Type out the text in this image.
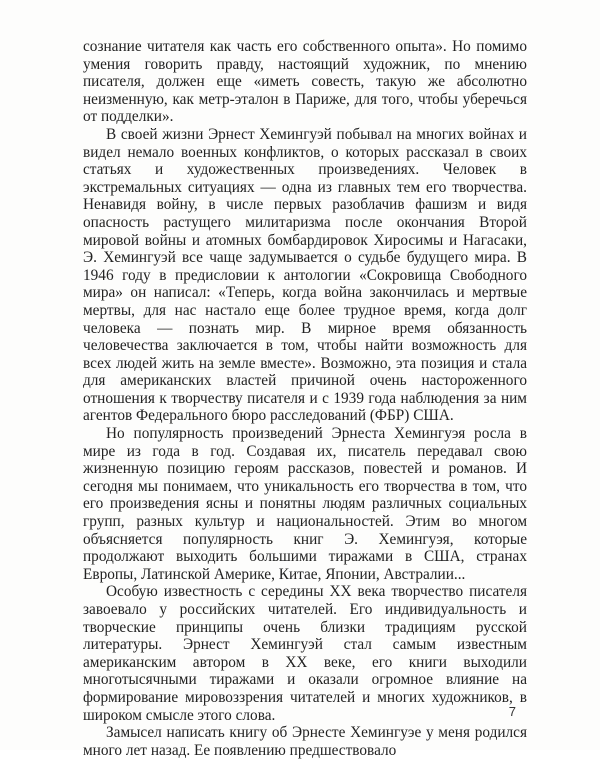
сознание читателя как часть его собственного опыта». Но помимо умения говорить правду, настоящий художник, по мнению писателя, должен еще «иметь совесть, такую же абсолютно неизменную, как метр-эталон в Париже, для того, чтобы уберечься от подделки».

В своей жизни Эрнест Хемингуэй побывал на многих войнах и видел немало военных конфликтов, о которых рассказал в своих статьях и художественных произведениях. Человек в экстремальных ситуациях — одна из главных тем его творчества. Ненавидя войну, в числе первых разоблачив фашизм и видя опасность растущего милитаризма после окончания Второй мировой войны и атомных бомбардировок Хиросимы и Нагасаки, Э. Хемингуэй все чаще задумывается о судьбе будущего мира. В 1946 году в предисловии к антологии «Сокровища Свободного мира» он написал: «Теперь, когда война закончилась и мертвые мертвы, для нас настало еще более трудное время, когда долг человека — познать мир. В мирное время обязанность человечества заключается в том, чтобы найти возможность для всех людей жить на земле вместе». Возможно, эта позиция и стала для американских властей причиной очень настороженного отношения к творчеству писателя и с 1939 года наблюдения за ним агентов Федерального бюро расследований (ФБР) США.

Но популярность произведений Эрнеста Хемингуэя росла в мире из года в год. Создавая их, писатель передавал свою жизненную позицию героям рассказов, повестей и романов. И сегодня мы понимаем, что уникальность его творчества в том, что его произведения ясны и понятны людям различных социальных групп, разных культур и национальностей. Этим во многом объясняется популярность книг Э. Хемингуэя, которые продолжают выходить большими тиражами в США, странах Европы, Латинской Америке, Китае, Японии, Австралии...

Особую известность с середины XX века творчество писателя завоевало у российских читателей. Его индивидуальность и творческие принципы очень близки традициям русской литературы. Эрнест Хемингуэй стал самым известным американским автором в XX веке, его книги выходили многотысячными тиражами и оказали огромное влияние на формирование мировоззрения читателей и многих художников, в широком смысле этого слова.

Замысел написать книгу об Эрнесте Хемингуэе у меня родился много лет назад. Ее появлению предшествовало

7
